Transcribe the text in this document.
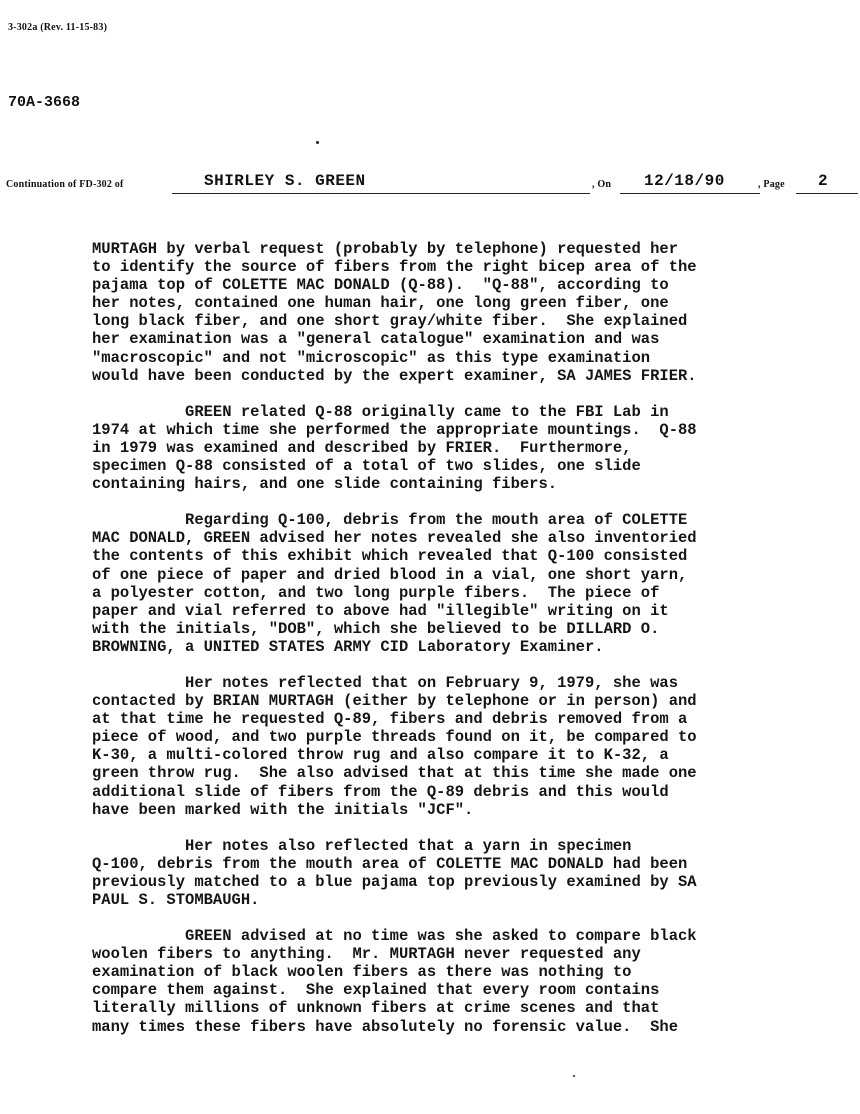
3-302a (Rev. 11-15-83)
70A-3668
Continuation of FD-302 of	SHIRLEY S. GREEN	, On 12/18/90	, Page 2

MURTAGH by verbal request (probably by telephone) requested her
to identify the source of fibers from the right bicep area of the
pajama top of COLETTE MAC DONALD (Q-88).  "Q-88", according to
her notes, contained one human hair, one long green fiber, one
long black fiber, and one short gray/white fiber.  She explained
her examination was a "general catalogue" examination and was
"macroscopic" and not "microscopic" as this type examination
would have been conducted by the expert examiner, SA JAMES FRIER.

GREEN related Q-88 originally came to the FBI Lab in
1974 at which time she performed the appropriate mountings.  Q-88
in 1979 was examined and described by FRIER.  Furthermore,
specimen Q-88 consisted of a total of two slides, one slide
containing hairs, and one slide containing fibers.

Regarding Q-100, debris from the mouth area of COLETTE
MAC DONALD, GREEN advised her notes revealed she also inventoried
the contents of this exhibit which revealed that Q-100 consisted
of one piece of paper and dried blood in a vial, one short yarn,
a polyester cotton, and two long purple fibers.  The piece of
paper and vial referred to above had "illegible" writing on it
with the initials, "DOB", which she believed to be DILLARD O.
BROWNING, a UNITED STATES ARMY CID Laboratory Examiner.

Her notes reflected that on February 9, 1979, she was
contacted by BRIAN MURTAGH (either by telephone or in person) and
at that time he requested Q-89, fibers and debris removed from a
piece of wood, and two purple threads found on it, be compared to
K-30, a multi-colored throw rug and also compare it to K-32, a
green throw rug.  She also advised that at this time she made one
additional slide of fibers from the Q-89 debris and this would
have been marked with the initials "JCF".

Her notes also reflected that a yarn in specimen
Q-100, debris from the mouth area of COLETTE MAC DONALD had been
previously matched to a blue pajama top previously examined by SA
PAUL S. STOMBAUGH.

GREEN advised at no time was she asked to compare black
woolen fibers to anything.  Mr. MURTAGH never requested any
examination of black woolen fibers as there was nothing to
compare them against.  She explained that every room contains
literally millions of unknown fibers at crime scenes and that
many times these fibers have absolutely no forensic value.  She
